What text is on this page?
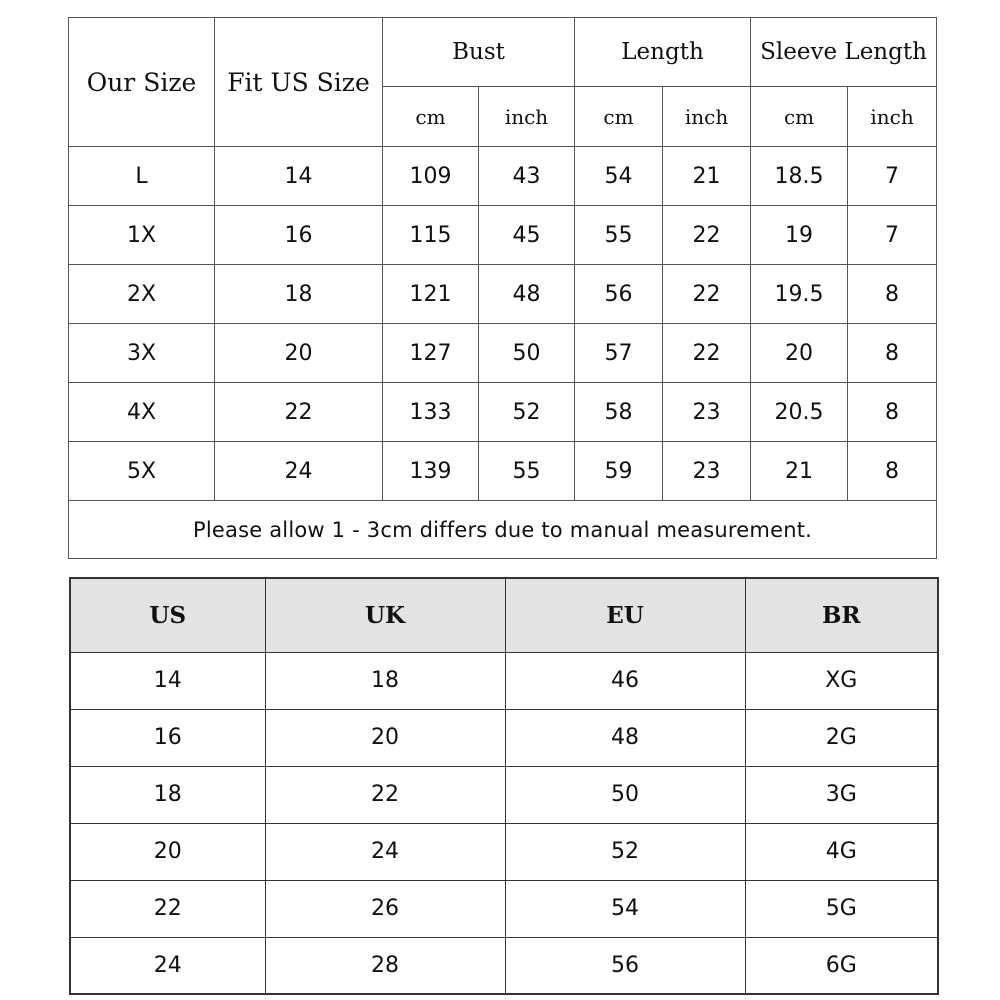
Our Size	Fit US Size	Bust		Length		Sleeve Length	
		cm	inch	cm	inch	cm	inch
L	14	109	43	54	21	18.5	7
1X	16	115	45	55	22	19	7
2X	18	121	48	56	22	19.5	8
3X	20	127	50	57	22	20	8
4X	22	133	52	58	23	20.5	8
5X	24	139	55	59	23	21	8
Please allow 1 - 3cm differs due to manual measurement.							
US	UK	EU	BR
14	18	46	XG
16	20	48	2G
18	22	50	3G
20	24	52	4G
22	26	54	5G
24	28	56	6G
